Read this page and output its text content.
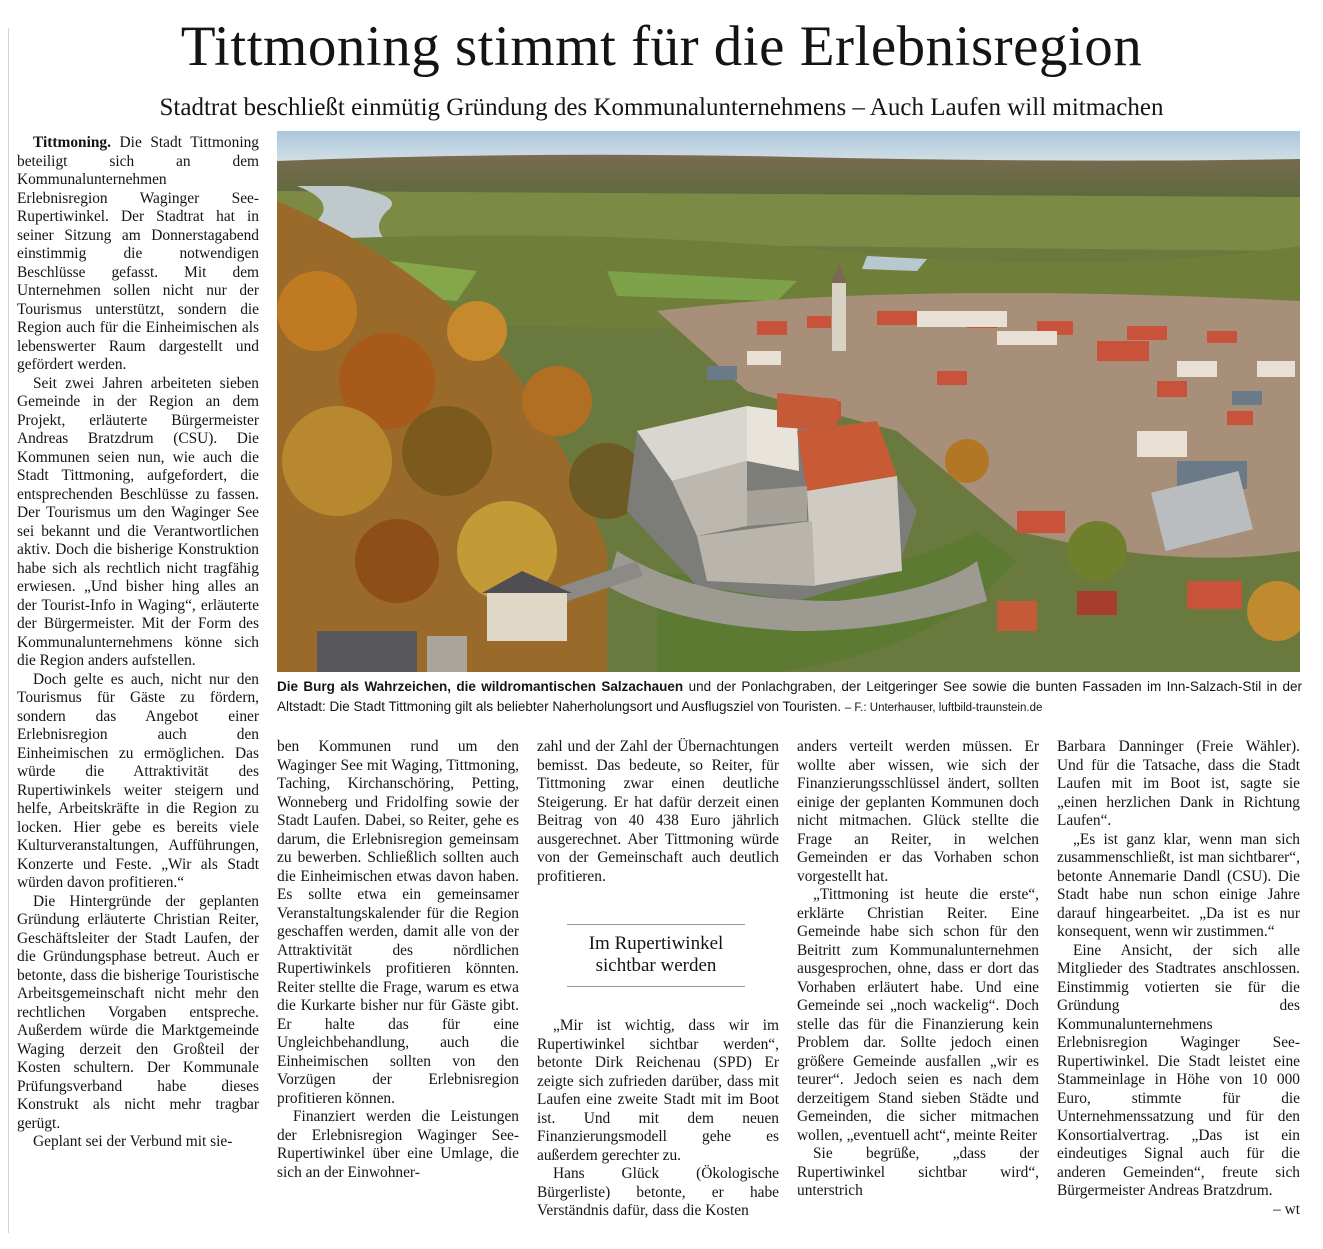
Tittmoning stimmt für die Erlebnisregion
Stadtrat beschließt einmütig Gründung des Kommunalunternehmens – Auch Laufen will mitmachen

Tittmoning. Die Stadt Tittmoning beteiligt sich an dem Kommunalunternehmen Erlebnisregion Waginger See-Rupertiwinkel. Der Stadtrat hat in seiner Sitzung am Donnerstagabend einstimmig die notwendigen Beschlüsse gefasst. Mit dem Unternehmen sollen nicht nur der Tourismus unterstützt, sondern die Region auch für die Einheimischen als lebenswerter Raum dargestellt und gefördert werden.

Seit zwei Jahren arbeiteten sieben Gemeinde in der Region an dem Projekt, erläuterte Bürgermeister Andreas Bratzdrum (CSU). Die Kommunen seien nun, wie auch die Stadt Tittmoning, aufgefordert, die entsprechenden Beschlüsse zu fassen. Der Tourismus um den Waginger See sei bekannt und die Verantwortlichen aktiv. Doch die bisherige Konstruktion habe sich als rechtlich nicht tragfähig erwiesen. „Und bisher hing alles an der Tourist-Info in Waging“, erläuterte der Bürgermeister. Mit der Form des Kommunalunternehmens könne sich die Region anders aufstellen.

Doch gelte es auch, nicht nur den Tourismus für Gäste zu fördern, sondern das Angebot einer Erlebnisregion auch den Einheimischen zu ermöglichen. Das würde die Attraktivität des Rupertiwinkels weiter steigern und helfe, Arbeitskräfte in die Region zu locken. Hier gebe es bereits viele Kulturveranstaltungen, Aufführungen, Konzerte und Feste. „Wir als Stadt würden davon profitieren.“

Die Hintergründe der geplanten Gründung erläuterte Christian Reiter, Geschäftsleiter der Stadt Laufen, der die Gründungsphase betreut. Auch er betonte, dass die bisherige Touristische Arbeitsgemeinschaft nicht mehr den rechtlichen Vorgaben entspreche. Außerdem würde die Marktgemeinde Waging derzeit den Großteil der Kosten schultern. Der Kommunale Prüfungsverband habe dieses Konstrukt als nicht mehr tragbar gerügt.

Geplant sei der Verbund mit sie-

Die Burg als Wahrzeichen, die wildromantischen Salzachauen und der Ponlachgraben, der Leitgeringer See sowie die bunten Fassaden im Inn-Salzach-Stil in der Altstadt: Die Stadt Tittmoning gilt als beliebter Naherholungsort und Ausflugsziel von Touristen. – F.: Unterhauser, luftbild-traunstein.de

ben Kommunen rund um den Waginger See mit Waging, Tittmoning, Taching, Kirchanschöring, Petting, Wonneberg und Fridolfing sowie der Stadt Laufen. Dabei, so Reiter, gehe es darum, die Erlebnisregion gemeinsam zu bewerben. Schließlich sollten auch die Einheimischen etwas davon haben. Es sollte etwa ein gemeinsamer Veranstaltungskalender für die Region geschaffen werden, damit alle von der Attraktivität des nördlichen Rupertiwinkels profitieren könnten. Reiter stellte die Frage, warum es etwa die Kurkarte bisher nur für Gäste gibt. Er halte das für eine Ungleichbehandlung, auch die Einheimischen sollten von den Vorzügen der Erlebnisregion profitieren können.

Finanziert werden die Leistungen der Erlebnisregion Waginger See-Rupertiwinkel über eine Umlage, die sich an der Einwohner-

zahl und der Zahl der Übernachtungen bemisst. Das bedeute, so Reiter, für Tittmoning zwar einen deutliche Steigerung. Er hat dafür derzeit einen Beitrag von 40 438 Euro jährlich ausgerechnet. Aber Tittmoning würde von der Gemeinschaft auch deutlich profitieren.

Im Rupertiwinkel sichtbar werden

„Mir ist wichtig, dass wir im Rupertiwinkel sichtbar werden“, betonte Dirk Reichenau (SPD) Er zeigte sich zufrieden darüber, dass mit Laufen eine zweite Stadt mit im Boot ist. Und mit dem neuen Finanzierungsmodell gehe es außerdem gerechter zu.

Hans Glück (Ökologische Bürgerliste) betonte, er habe Verständnis dafür, dass die Kosten

anders verteilt werden müssen. Er wollte aber wissen, wie sich der Finanzierungsschlüssel ändert, sollten einige der geplanten Kommunen doch nicht mitmachen. Glück stellte die Frage an Reiter, in welchen Gemeinden er das Vorhaben schon vorgestellt hat.

„Tittmoning ist heute die erste“, erklärte Christian Reiter. Eine Gemeinde habe sich schon für den Beitritt zum Kommunalunternehmen ausgesprochen, ohne, dass er dort das Vorhaben erläutert habe. Und eine Gemeinde sei „noch wackelig“. Doch stelle das für die Finanzierung kein Problem dar. Sollte jedoch einen größere Gemeinde ausfallen „wir es teurer“. Jedoch seien es nach dem derzeitigem Stand sieben Städte und Gemeinden, die sicher mitmachen wollen, „eventuell acht“, meinte Reiter

Sie begrüße, „dass der Rupertiwinkel sichtbar wird“, unterstrich

Barbara Danninger (Freie Wähler). Und für die Tatsache, dass die Stadt Laufen mit im Boot ist, sagte sie „einen herzlichen Dank in Richtung Laufen“.

„Es ist ganz klar, wenn man sich zusammenschließt, ist man sichtbarer“, betonte Annemarie Dandl (CSU). Die Stadt habe nun schon einige Jahre darauf hingearbeitet. „Da ist es nur konsequent, wenn wir zustimmen.“

Eine Ansicht, der sich alle Mitglieder des Stadtrates anschlossen. Einstimmig votierten sie für die Gründung des Kommunalunternehmens Erlebnisregion Waginger See-Rupertiwinkel. Die Stadt leistet eine Stammeinlage in Höhe von 10 000 Euro, stimmte für die Unternehmenssatzung und für den Konsortialvertrag. „Das ist ein eindeutiges Signal auch für die anderen Gemeinden“, freute sich Bürgermeister Andreas Bratzdrum.
– wt
